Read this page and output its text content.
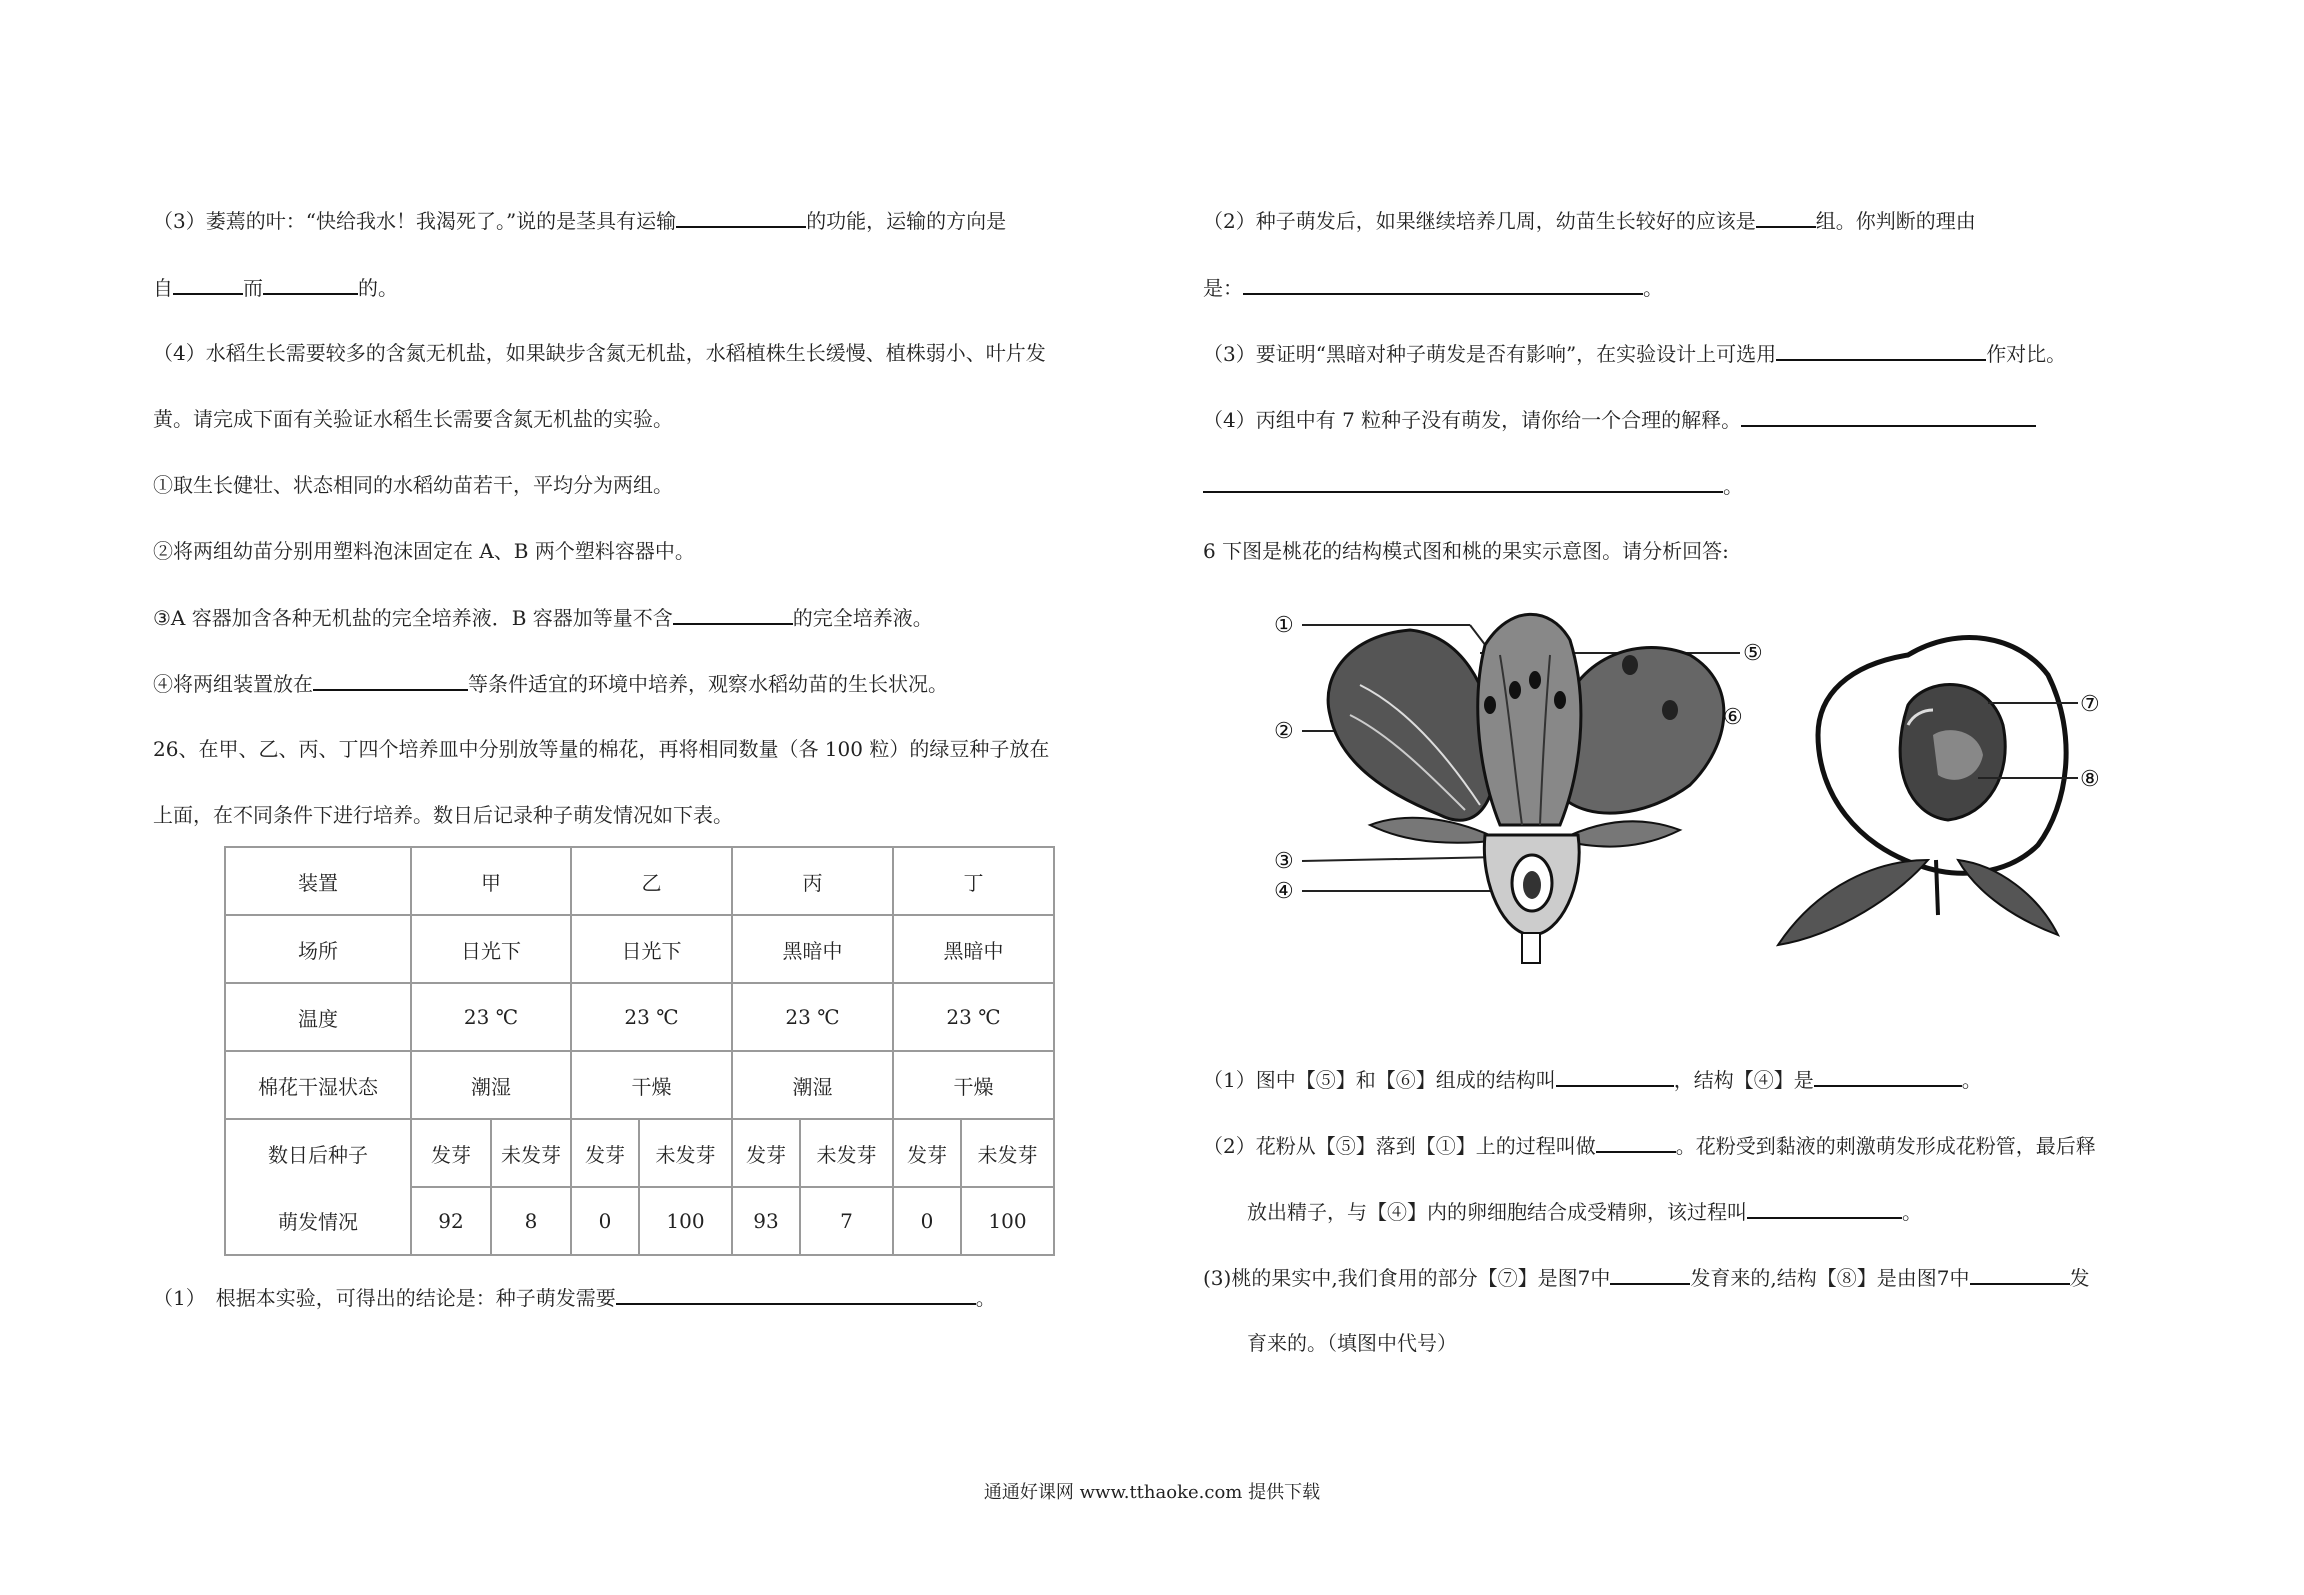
（3）萎蔫的叶：“快给我水！我渴死了。”说的是茎具有运输	的功能，运输的方向是
自	而	的。
（4）水稻生长需要较多的含氮无机盐，如果缺步含氮无机盐，水稻植株生长缓慢、植株弱小、叶片发
黄。请完成下面有关验证水稻生长需要含氮无机盐的实验。
①取生长健壮、状态相同的水稻幼苗若干，平均分为两组。
②将两组幼苗分别用塑料泡沫固定在 A、B 两个塑料容器中。
③A 容器加含各种无机盐的完全培养液．B 容器加等量不含	的完全培养液。
④将两组装置放在	等条件适宜的环境中培养，观察水稻幼苗的生长状况。
26、在甲、乙、丙、丁四个培养皿中分别放等量的棉花，再将相同数量（各 100 粒）的绿豆种子放在
上面，在不同条件下进行培养。数日后记录种子萌发情况如下表。
装置	甲		乙		丙		丁	
场所	日光下		日光下		黑暗中		黑暗中	
温度	23 ℃		23 ℃		23 ℃		23 ℃	
棉花干湿状态	潮湿		干燥		潮湿		干燥	
数日后种子	发芽	未发芽	发芽	未发芽	发芽	未发芽	发芽	未发芽
萌发情况	92	8	0	100	93	7	0	100
（1）　根据本实验，可得出的结论是：种子萌发需要	。
（2）种子萌发后，如果继续培养几周，幼苗生长较好的应该是	组。你判断的理由
是：	。
（3）要证明“黑暗对种子萌发是否有影响”，在实验设计上可选用	作对比。
（4）丙组中有 7 粒种子没有萌发，请你给一个合理的解释。
。
6 下图是桃花的结构模式图和桃的果实示意图。请分析回答:
①
⑤
②
⑥
③
④
⑦
⑧
（1）图中【⑤】和【⑥】组成的结构叫	，结构【④】是	。
（2）花粉从【⑤】落到【①】上的过程叫做	。花粉受到黏液的刺激萌发形成花粉管，最后释
放出精子，与【④】内的卵细胞结合成受精卵，该过程叫	。
(3)桃的果实中,我们食用的部分【⑦】是图7中	发育来的,结构【⑧】是由图7中	发
育来的。（填图中代号）
通通好课网 www.tthaoke.com 提供下载
